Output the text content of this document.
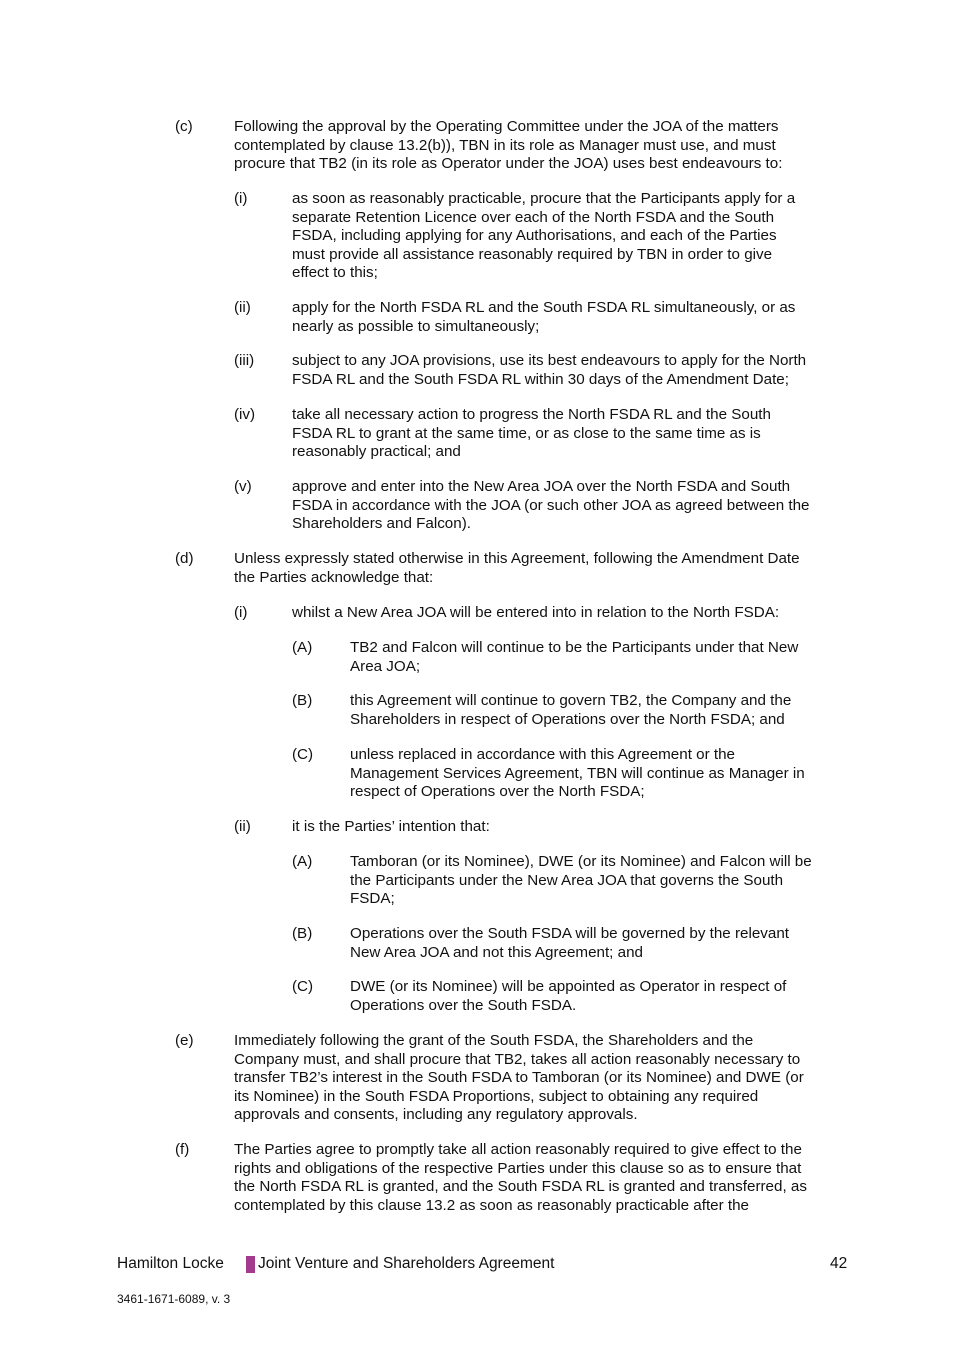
(c)	Following the approval by the Operating Committee under the JOA of the matters
contemplated by clause 13.2(b)), TBN in its role as Manager must use, and must
procure that TB2 (in its role as Operator under the JOA) uses best endeavours to:
(i)	as soon as reasonably practicable, procure that the Participants apply for a
separate Retention Licence over each of the North FSDA and the South
FSDA, including applying for any Authorisations, and each of the Parties
must provide all assistance reasonably required by TBN in order to give
effect to this;
(ii)	apply for the North FSDA RL and the South FSDA RL simultaneously, or as
nearly as possible to simultaneously;
(iii) subject to any JOA provisions, use its best endeavours to apply for the North
FSDA RL and the South FSDA RL within 30 days of the Amendment Date;
(iv) take all necessary action to progress the North FSDA RL and the South
FSDA RL to grant at the same time, or as close to the same time as is
reasonably practical; and
(v)	approve and enter into the New Area JOA over the North FSDA and South
FSDA in accordance with the JOA (or such other JOA as agreed between the
Shareholders and Falcon).
(d)	Unless expressly stated otherwise in this Agreement, following the Amendment Date
the Parties acknowledge that:
(i)	whilst a New Area JOA will be entered into in relation to the North FSDA:
(A) TB2 and Falcon will continue to be the Participants under that New
Area JOA;
(B) this Agreement will continue to govern TB2, the Company and the
Shareholders in respect of Operations over the North FSDA; and
(C) unless replaced in accordance with this Agreement or the
Management Services Agreement, TBN will continue as Manager in
respect of Operations over the North FSDA;
(ii)	it is the Parties’ intention that:
(A) Tamboran (or its Nominee), DWE (or its Nominee) and Falcon will be
the Participants under the New Area JOA that governs the South
FSDA;
(B) Operations over the South FSDA will be governed by the relevant
New Area JOA and not this Agreement; and
(C) DWE (or its Nominee) will be appointed as Operator in respect of
Operations over the South FSDA.
(e)	Immediately following the grant of the South FSDA, the Shareholders and the
Company must, and shall procure that TB2, takes all action reasonably necessary to
transfer TB2’s interest in the South FSDA to Tamboran (or its Nominee) and DWE (or
its Nominee) in the South FSDA Proportions, subject to obtaining any required
approvals and consents, including any regulatory approvals.
(f)	The Parties agree to promptly take all action reasonably required to give effect to the
rights and obligations of the respective Parties under this clause so as to ensure that
the North FSDA RL is granted, and the South FSDA RL is granted and transferred, as
contemplated by this clause 13.2 as soon as reasonably practicable after the
Hamilton Locke Joint Venture and Shareholders Agreement	42
3461-1671-6089, v. 3
